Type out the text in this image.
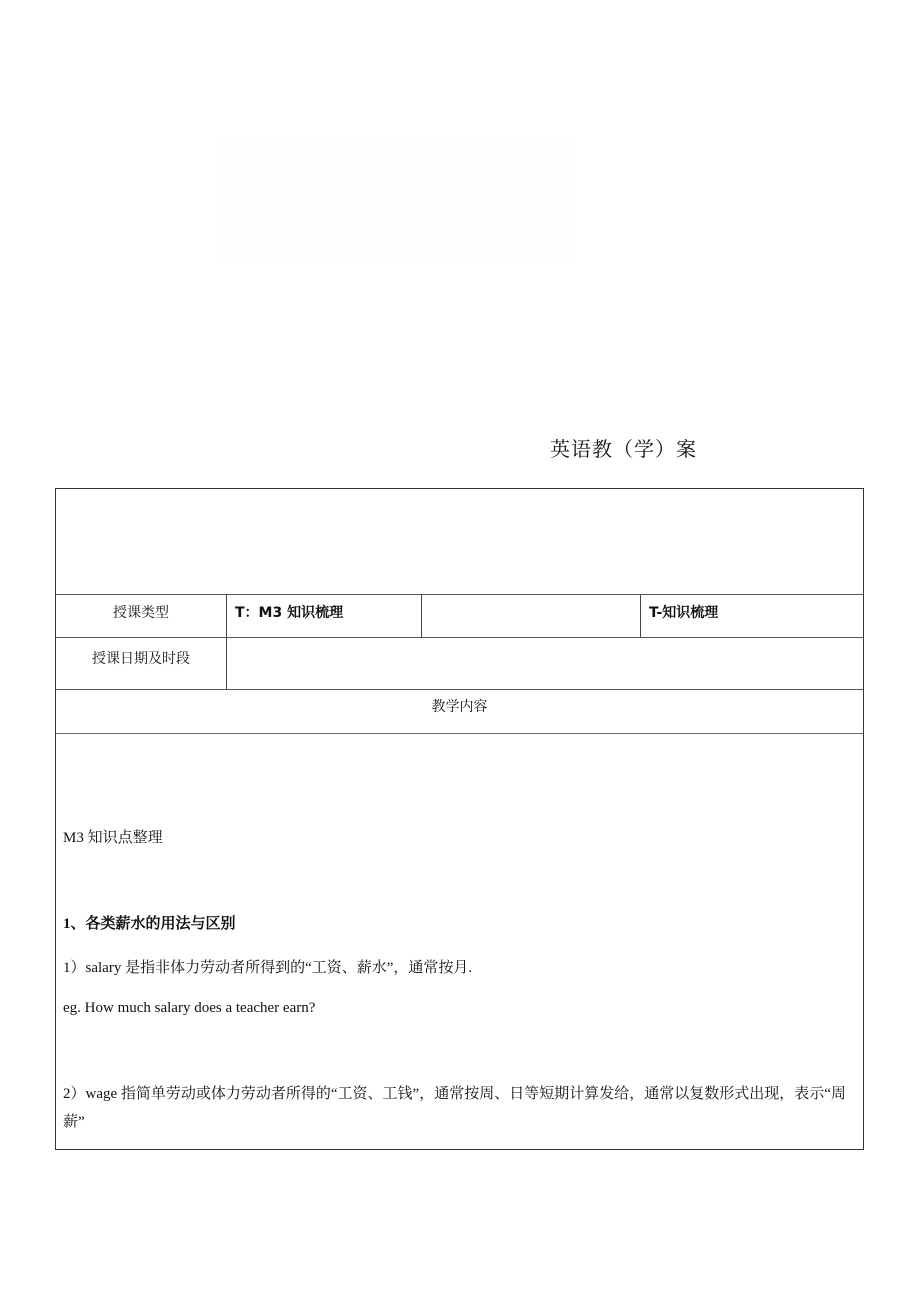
英语教（学）案
授课类型	T：M3 知识梳理	T-知识梳理
授课日期及时段
教学内容

M3 知识点整理

1、各类薪水的用法与区别

1）salary 是指非体力劳动者所得到的“工资、薪水”，通常按月.

eg. How much salary does a teacher earn?

2）wage 指简单劳动或体力劳动者所得的“工资、工钱”，通常按周、日等短期计算发给，通常以复数形式出现，表示“周薪”
